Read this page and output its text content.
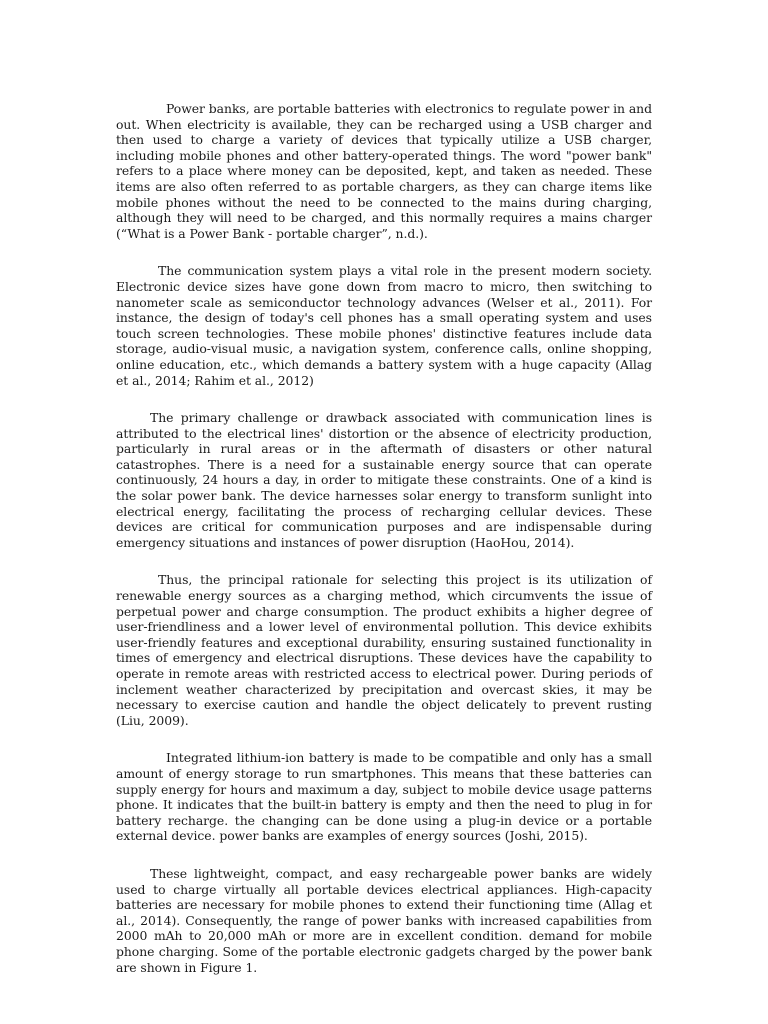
Power banks, are portable batteries with electronics to regulate power in and out. When electricity is available, they can be recharged using a USB charger and then used to charge a variety of devices that typically utilize a USB charger, including mobile phones and other battery-operated things. The word "power bank" refers to a place where money can be deposited, kept, and taken as needed. These items are also often referred to as portable chargers, as they can charge items like mobile phones without the need to be connected to the mains during charging, although they will need to be charged, and this normally requires a mains charger (“What is a Power Bank - portable charger”, n.d.).

The communication system plays a vital role in the present modern society. Electronic device sizes have gone down from macro to micro, then switching to nanometer scale as semiconductor technology advances (Welser et al., 2011). For instance, the design of today's cell phones has a small operating system and uses touch screen technologies. These mobile phones' distinctive features include data storage, audio-visual music, a navigation system, conference calls, online shopping, online education, etc., which demands a battery system with a huge capacity (Allag et al., 2014; Rahim et al., 2012)

The primary challenge or drawback associated with communication lines is attributed to the electrical lines' distortion or the absence of electricity production, particularly in rural areas or in the aftermath of disasters or other natural catastrophes. There is a need for a sustainable energy source that can operate continuously, 24 hours a day, in order to mitigate these constraints. One of a kind is the solar power bank. The device harnesses solar energy to transform sunlight into electrical energy, facilitating the process of recharging cellular devices. These devices are critical for communication purposes and are indispensable during emergency situations and instances of power disruption (HaoHou, 2014).

Thus, the principal rationale for selecting this project is its utilization of renewable energy sources as a charging method, which circumvents the issue of perpetual power and charge consumption. The product exhibits a higher degree of user-friendliness and a lower level of environmental pollution. This device exhibits user-friendly features and exceptional durability, ensuring sustained functionality in times of emergency and electrical disruptions. These devices have the capability to operate in remote areas with restricted access to electrical power. During periods of inclement weather characterized by precipitation and overcast skies, it may be necessary to exercise caution and handle the object delicately to prevent rusting (Liu, 2009).

Integrated lithium-ion battery is made to be compatible and only has a small amount of energy storage to run smartphones. This means that these batteries can supply energy for hours and maximum a day, subject to mobile device usage patterns phone. It indicates that the built-in battery is empty and then the need to plug in for battery recharge. the changing can be done using a plug-in device or a portable external device. power banks are examples of energy sources (Joshi, 2015).

These lightweight, compact, and easy rechargeable power banks are widely used to charge virtually all portable devices electrical appliances. High-capacity batteries are necessary for mobile phones to extend their functioning time (Allag et al., 2014). Consequently, the range of power banks with increased capabilities from 2000 mAh to 20,000 mAh or more are in excellent condition. demand for mobile phone charging. Some of the portable electronic gadgets charged by the power bank are shown in Figure 1.
